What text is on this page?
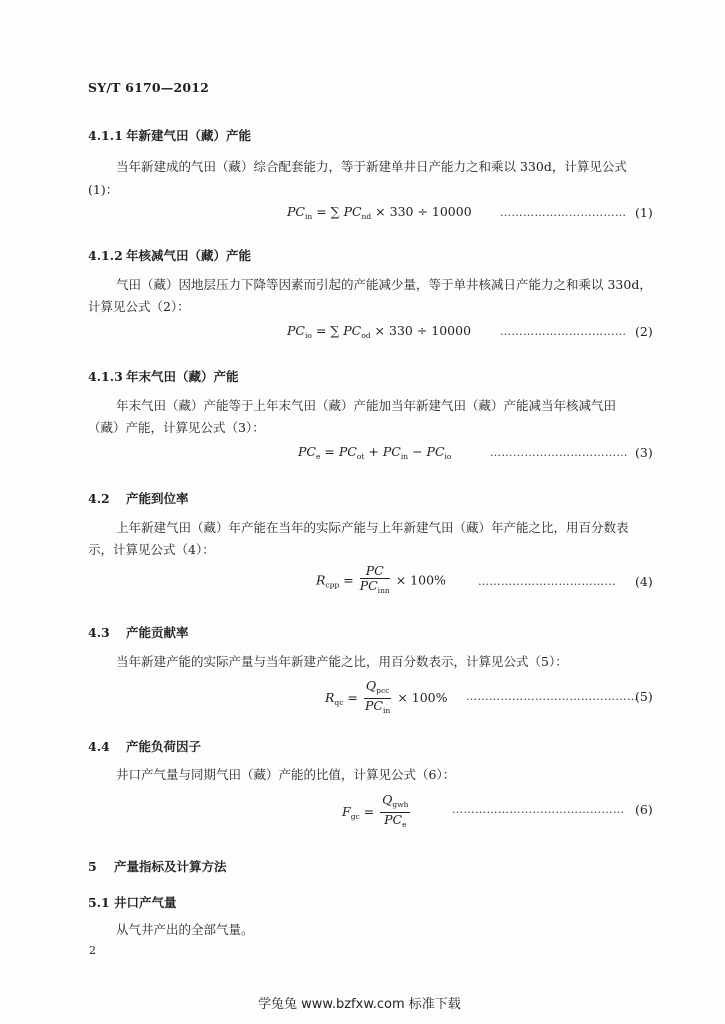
SY/T 6170—2012
4.1.1 年新建气田（藏）产能
当年新建成的气田（藏）综合配套能力，等于新建单井日产能力之和乘以 330d，计算见公式
(1)：
$PC_{in}$ = ∑ $PC_{nd} \times 330 \div 10000$	…………………………… (1)
4.1.2 年核减气田（藏）产能
气田（藏）因地层压力下降等因素而引起的产能减少量，等于单井核减日产能力之和乘以 330d，
计算见公式（2）：
$PC_{io}$ = ∑ $PC_{od} \times 330 \div 10000$	…………………………… (2)
4.1.3 年末气田（藏）产能
年末气田（藏）产能等于上年末气田（藏）产能加当年新建气田（藏）产能减当年核减气田
（藏）产能，计算见公式（3）：
$PC_e = PC_{ot} + PC_{in} - PC_{io}$	……………………………… (3)
4.2 产能到位率
上年新建气田（藏）年产能在当年的实际产能与上年新建气田（藏）年产能之比，用百分数表
示，计算见公式（4）：
$R_{cpp} = \frac{PC}{PC_{inn}} \times 100\%$	……………………………… (4)
4.3 产能贡献率
当年新建产能的实际产量与当年新建产能之比，用百分数表示，计算见公式（5）：
$R_{qc} = \frac{Q_{pcc}}{PC_{in}} \times 100\%$ ………………………………………
(5)
4.4 产能负荷因子
井口产气量与同期气田（藏）产能的比值，计算见公式（6）：
$F_{gc} = \frac{Q_{gwh}}{PC_e}$	……………………………………… (6)
5 产量指标及计算方法
5.1 井口产气量
从气井产出的全部气量。
2
学兔兔 www.bzfxw.com 标准下载
